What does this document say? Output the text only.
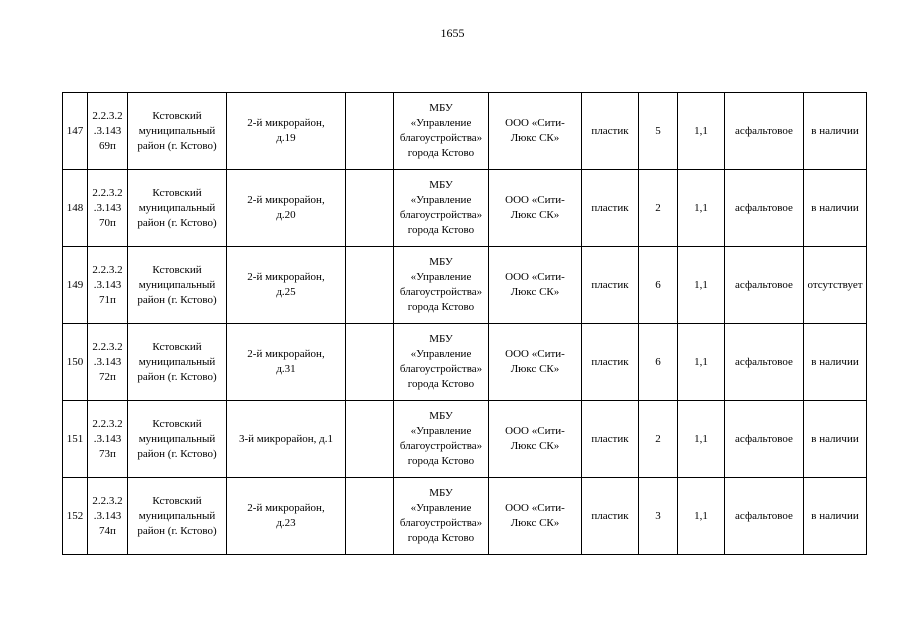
1655
147	2.2.3.2
.3.143
69п	Кстовский
муниципальный
район (г. Кстово)	2-й микрорайон,
д.19		МБУ
«Управление
благоустройства»
города Кстово	ООО «Сити-
Люкс СК»	пластик	5	1,1	асфальтовое	в наличии
148	2.2.3.2
.3.143
70п	Кстовский
муниципальный
район (г. Кстово)	2-й микрорайон,
д.20		МБУ
«Управление
благоустройства»
города Кстово	ООО «Сити-
Люкс СК»	пластик	2	1,1	асфальтовое	в наличии
149	2.2.3.2
.3.143
71п	Кстовский
муниципальный
район (г. Кстово)	2-й микрорайон,
д.25		МБУ
«Управление
благоустройства»
города Кстово	ООО «Сити-
Люкс СК»	пластик	6	1,1	асфальтовое	отсутствует
150	2.2.3.2
.3.143
72п	Кстовский
муниципальный
район (г. Кстово)	2-й микрорайон,
д.31		МБУ
«Управление
благоустройства»
города Кстово	ООО «Сити-
Люкс СК»	пластик	6	1,1	асфальтовое	в наличии
151	2.2.3.2
.3.143
73п	Кстовский
муниципальный
район (г. Кстово)	3-й микрорайон, д.1		МБУ
«Управление
благоустройства»
города Кстово	ООО «Сити-
Люкс СК»	пластик	2	1,1	асфальтовое	в наличии
152	2.2.3.2
.3.143
74п	Кстовский
муниципальный
район (г. Кстово)	2-й микрорайон,
д.23		МБУ
«Управление
благоустройства»
города Кстово	ООО «Сити-
Люкс СК»	пластик	3	1,1	асфальтовое	в наличии
